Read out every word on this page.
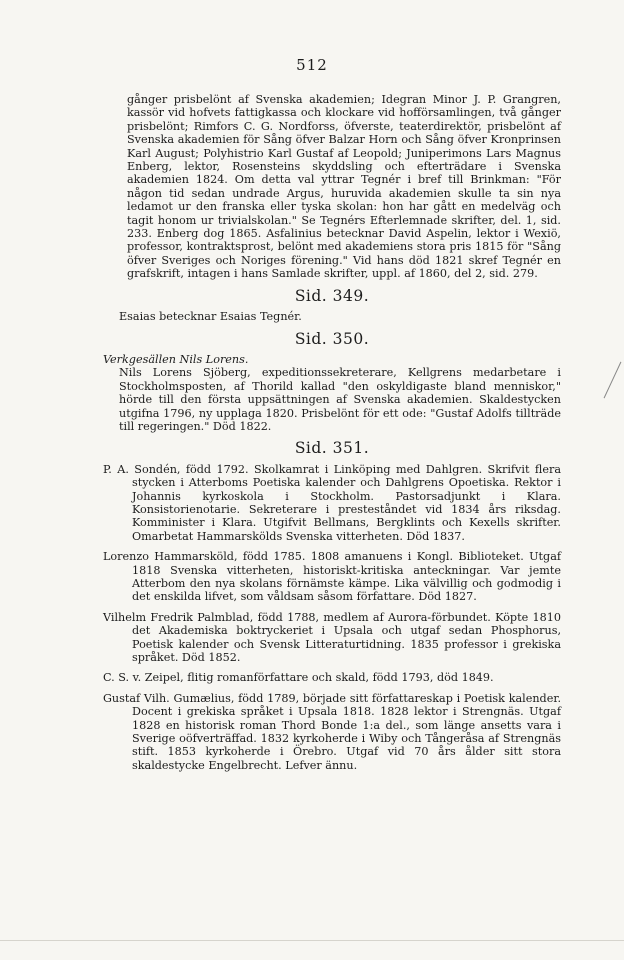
512

gånger prisbelönt af Svenska akademien; Idegran Minor J. P. Grangren, kassör vid hofvets fattigkassa och klockare vid hofförsamlingen, två gånger prisbelönt; Rimfors C. G. Nordforss, öfverste, teaterdirektör, prisbelönt af Svenska akademien för Sång öfver Balzar Horn och Sång öfver Kronprinsen Karl August; Polyhistrio Karl Gustaf af Leopold; Juniperimons Lars Magnus Enberg, lektor, Rosensteins skyddsling och efterträdare i Svenska akademien 1824. Om detta val yttrar Tegnér i bref till Brinkman: "För någon tid sedan undrade Argus, huruvida akademien skulle ta sin nya ledamot ur den franska eller tyska skolan: hon har gått en medelväg och tagit honom ur trivialskolan." Se Tegnérs Efterlemnade skrifter, del. 1, sid. 233. Enberg dog 1865. Asfalinius betecknar David Aspelin, lektor i Wexiö, professor, kontraktsprost, belönt med akademiens stora pris 1815 för "Sång öfver Sveriges och Noriges förening." Vid hans död 1821 skref Tegnér en grafskrift, intagen i hans Samlade skrifter, uppl. af 1860, del 2, sid. 279.

Sid. 349.

Esaias betecknar Esaias Tegnér.

Sid. 350.

Verkgesällen Nils Lorens.

Nils Lorens Sjöberg, expeditionssekreterare, Kellgrens medarbetare i Stockholmsposten, af Thorild kallad "den oskyldigaste bland menniskor," hörde till den första uppsättningen af Svenska akademien. Skaldestycken utgifna 1796, ny upplaga 1820. Prisbelönt för ett ode: "Gustaf Adolfs tillträde till regeringen." Död 1822.

Sid. 351.

P. A. Sondén, född 1792. Skolkamrat i Linköping med Dahlgren. Skrifvit flera stycken i Atterboms Poetiska kalender och Dahlgrens Opoetiska. Rektor i Johannis kyrkoskola i Stockholm. Pastorsadjunkt i Klara. Konsistorienotarie. Sekreterare i presteståndet vid 1834 års riksdag. Komminister i Klara. Utgifvit Bellmans, Bergklints och Kexells skrifter. Omarbetat Hammarskölds Svenska vitterheten. Död 1837.

Lorenzo Hammarsköld, född 1785. 1808 amanuens i Kongl. Biblioteket. Utgaf 1818 Svenska vitterheten, historiskt-kritiska anteckningar. Var jemte Atterbom den nya skolans förnämste kämpe. Lika välvillig och godmodig i det enskilda lifvet, som våldsam såsom författare. Död 1827.

Vilhelm Fredrik Palmblad, född 1788, medlem af Aurora-förbundet. Köpte 1810 det Akademiska boktryckeriet i Upsala och utgaf sedan Phosphorus, Poetisk kalender och Svensk Litteraturtidning. 1835 professor i grekiska språket. Död 1852.

C. S. v. Zeipel, flitig romanförfattare och skald, född 1793, död 1849.

Gustaf Vilh. Gumælius, född 1789, började sitt författareskap i Poetisk kalender. Docent i grekiska språket i Upsala 1818. 1828 lektor i Strengnäs. Utgaf 1828 en historisk roman Thord Bonde 1:a del., som länge ansetts vara i Sverige oöfverträffad. 1832 kyrkoherde i Wiby och Tångeråsa af Strengnäs stift. 1853 kyrkoherde i Örebro. Utgaf vid 70 års ålder sitt stora skaldestycke Engelbrecht. Lefver ännu.
